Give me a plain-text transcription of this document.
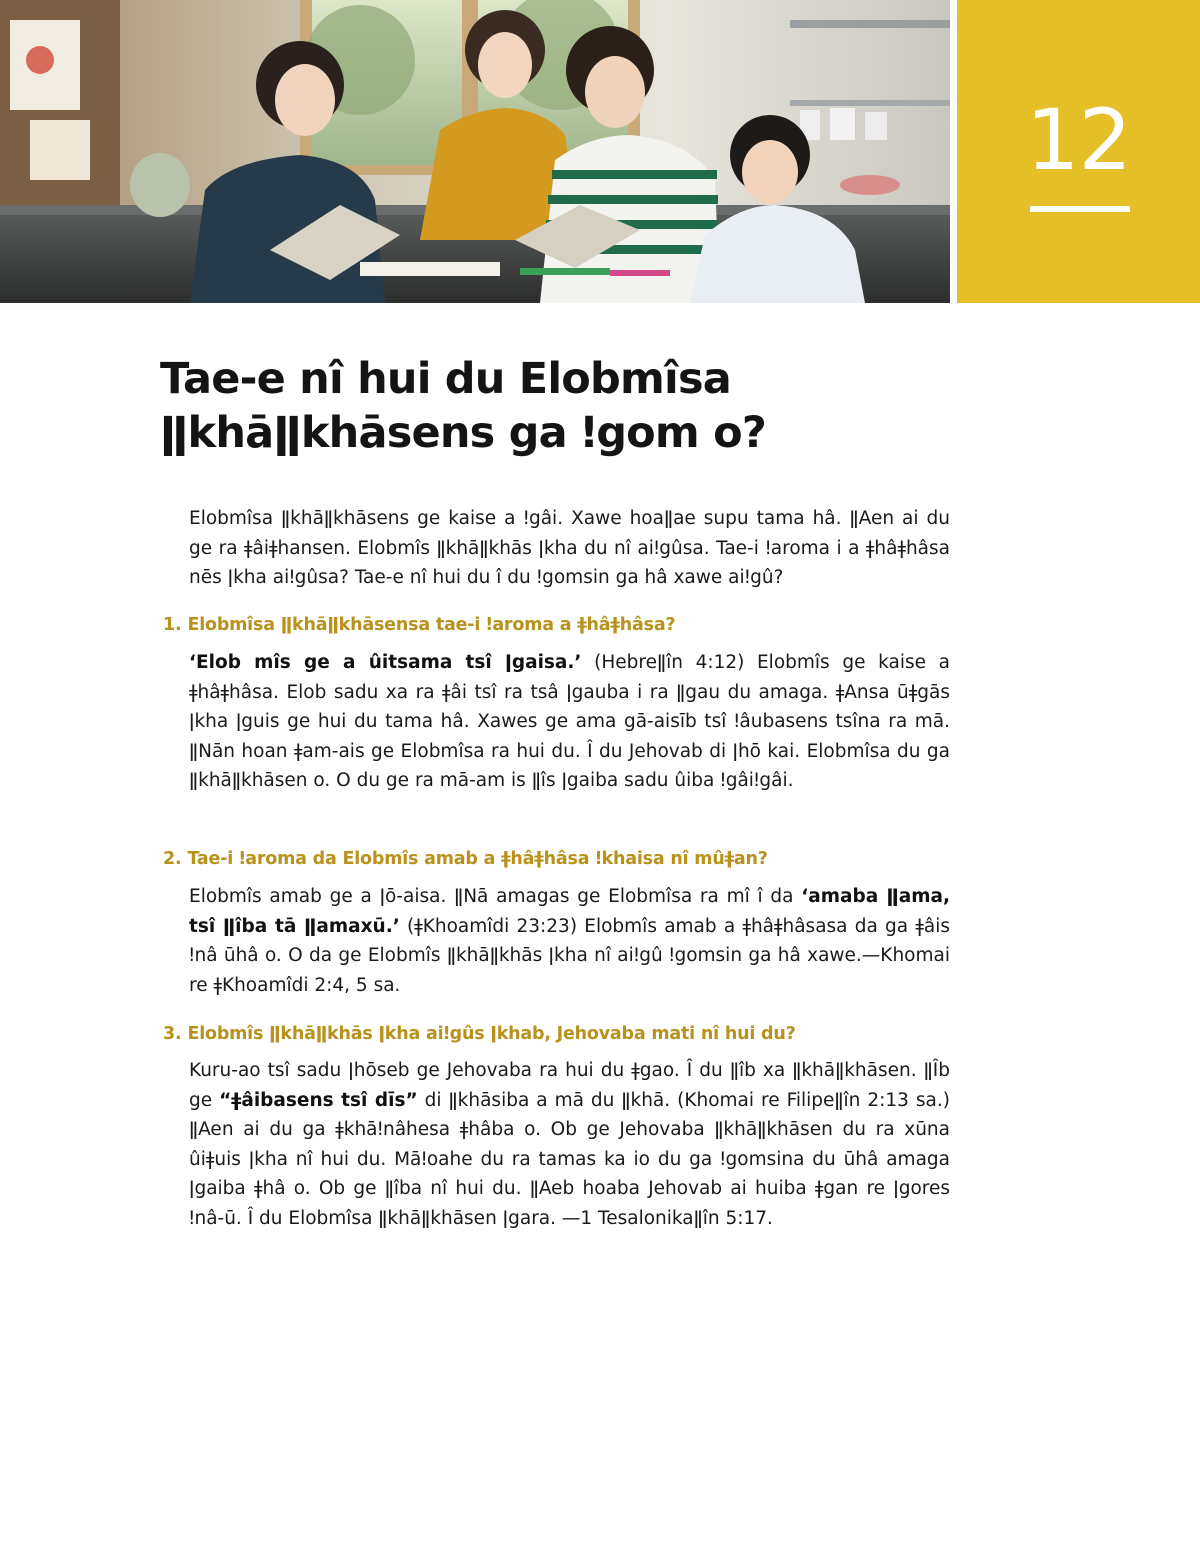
12
Tae-e nî hui du Elobmîsa
ǁkhāǁkhāsens ga ǃgom o?

Elobmîsa ǁkhāǁkhāsens ge kaise a ǃgâi. Xawe hoaǁae supu tama hâ. ǁAen ai du ge ra ǂâiǂhansen. Elobmîs ǁkhāǁkhās ǀkha du nî aiǃgûsa. Tae-i ǃaroma i a ǂhâǂhâsa nēs ǀkha aiǃgûsa? Tae-e nî hui du î du ǃgomsin ga hâ xawe aiǃgû?

1. Elobmîsa ǁkhāǁkhāsensa tae-i ǃaroma a ǂhâǂhâsa?

‘Elob mîs ge a ûitsama tsî ǀgaisa.’ (Hebreǁîn 4:12) Elobmîs ge kaise a ǂhâǂhâsa. Elob sadu xa ra ǂâi tsî ra tsâ ǀgauba i ra ǁgau du amaga. ǂAnsa ūǂgās ǀkha ǀguis ge hui du tama hâ. Xawes ge ama gā-aisīb tsî ǃâubasens tsîna ra mā. ǁNān hoan ǂam-ais ge Elobmîsa ra hui du. Î du Jehovab di ǀhō kai. Elobmîsa du ga ǁkhāǁkhāsen o. O du ge ra mā-am is ǁîs ǀgaiba sadu ûiba ǃgâiǃgâi.

2. Tae-i ǃaroma da Elobmîs amab a ǂhâǂhâsa ǃkhaisa nî mûǂan?

Elobmîs amab ge a ǀō-aisa. ǁNā amagas ge Elobmîsa ra mî î da ‘amaba ǁama, tsî ǁîba tā ǁamaxū.’ (ǂKhoamîdi 23:23) Elobmîs amab a ǂhâǂhâsasa da ga ǂâis ǃnâ ūhâ o. O da ge Elobmîs ǁkhāǁkhās ǀkha nî aiǃgû ǃgomsin ga hâ xawe.—Khomai re ǂKhoamîdi 2:4, 5 sa.

3. Elobmîs ǁkhāǁkhās ǀkha aiǃgûs ǀkhab, Jehovaba mati nî hui du?

Kuru-ao tsî sadu ǀhōseb ge Jehovaba ra hui du ǂgao. Î du ǁîb xa ǁkhāǁkhāsen. ǁÎb ge “ǂâibasens tsî dīs” di ǁkhāsiba a mā du ǁkhā. (Khomai re Filipeǁîn 2:13 sa.) ǁAen ai du ga ǂkhāǃnâhesa ǂhâba o. Ob ge Jehovaba ǁkhāǁkhāsen du ra xūna ûiǂuis ǀkha nî hui du. Māǃoahe du ra tamas ka io du ga ǃgomsina du ūhâ amaga ǀgaiba ǂhâ o. Ob ge ǁîba nî hui du. ǁAeb hoaba Jehovab ai huiba ǂgan re ǀgores ǃnâ-ū. Î du Elobmîsa ǁkhāǁkhāsen ǀgara. —1 Tesalonikaǁîn 5:17.
